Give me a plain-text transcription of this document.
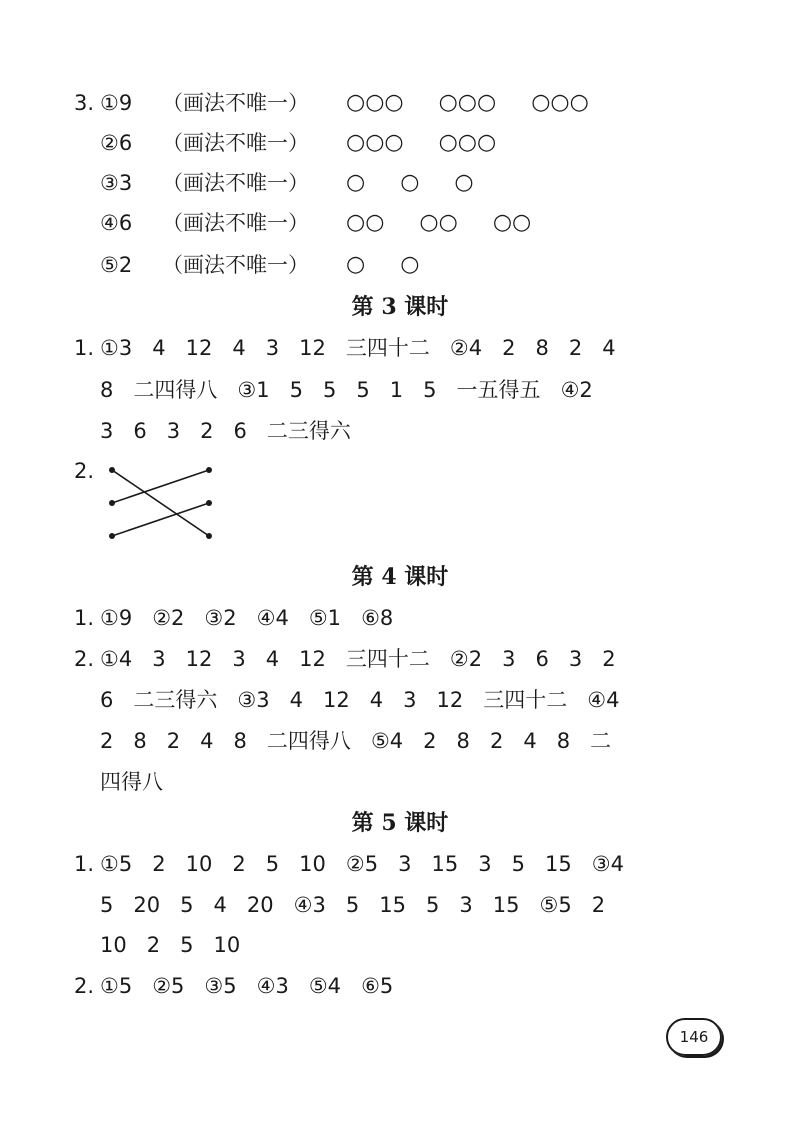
3. ①9 （画法不唯一） ○○○ ○○○ ○○○
②6 （画法不唯一） ○○○ ○○○
③3 （画法不唯一） ○ ○ ○
④6 （画法不唯一） ○○ ○○ ○○
⑤2 （画法不唯一） ○ ○
第 3 课时
1. ①3   4   12   4   3   12   三四十二   ②4   2   8   2   4
8   二四得八   ③1   5   5   5   1   5   一五得五   ④2
3   6   3   2   6   二三得六
2.
第 4 课时
1. ①9   ②2   ③2   ④4   ⑤1   ⑥8
2. ①4   3   12   3   4   12   三四十二   ②2   3   6   3   2
6   二三得六   ③3   4   12   4   3   12   三四十二   ④4
2   8   2   4   8   二四得八   ⑤4   2   8   2   4   8   二
四得八
第 5 课时
1. ①5   2   10   2   5   10   ②5   3   15   3   5   15   ③4
5   20   5   4   20   ④3   5   15   5   3   15   ⑤5   2
10   2   5   10
2. ①5   ②5   ③5   ④3   ⑤4   ⑥5
146
